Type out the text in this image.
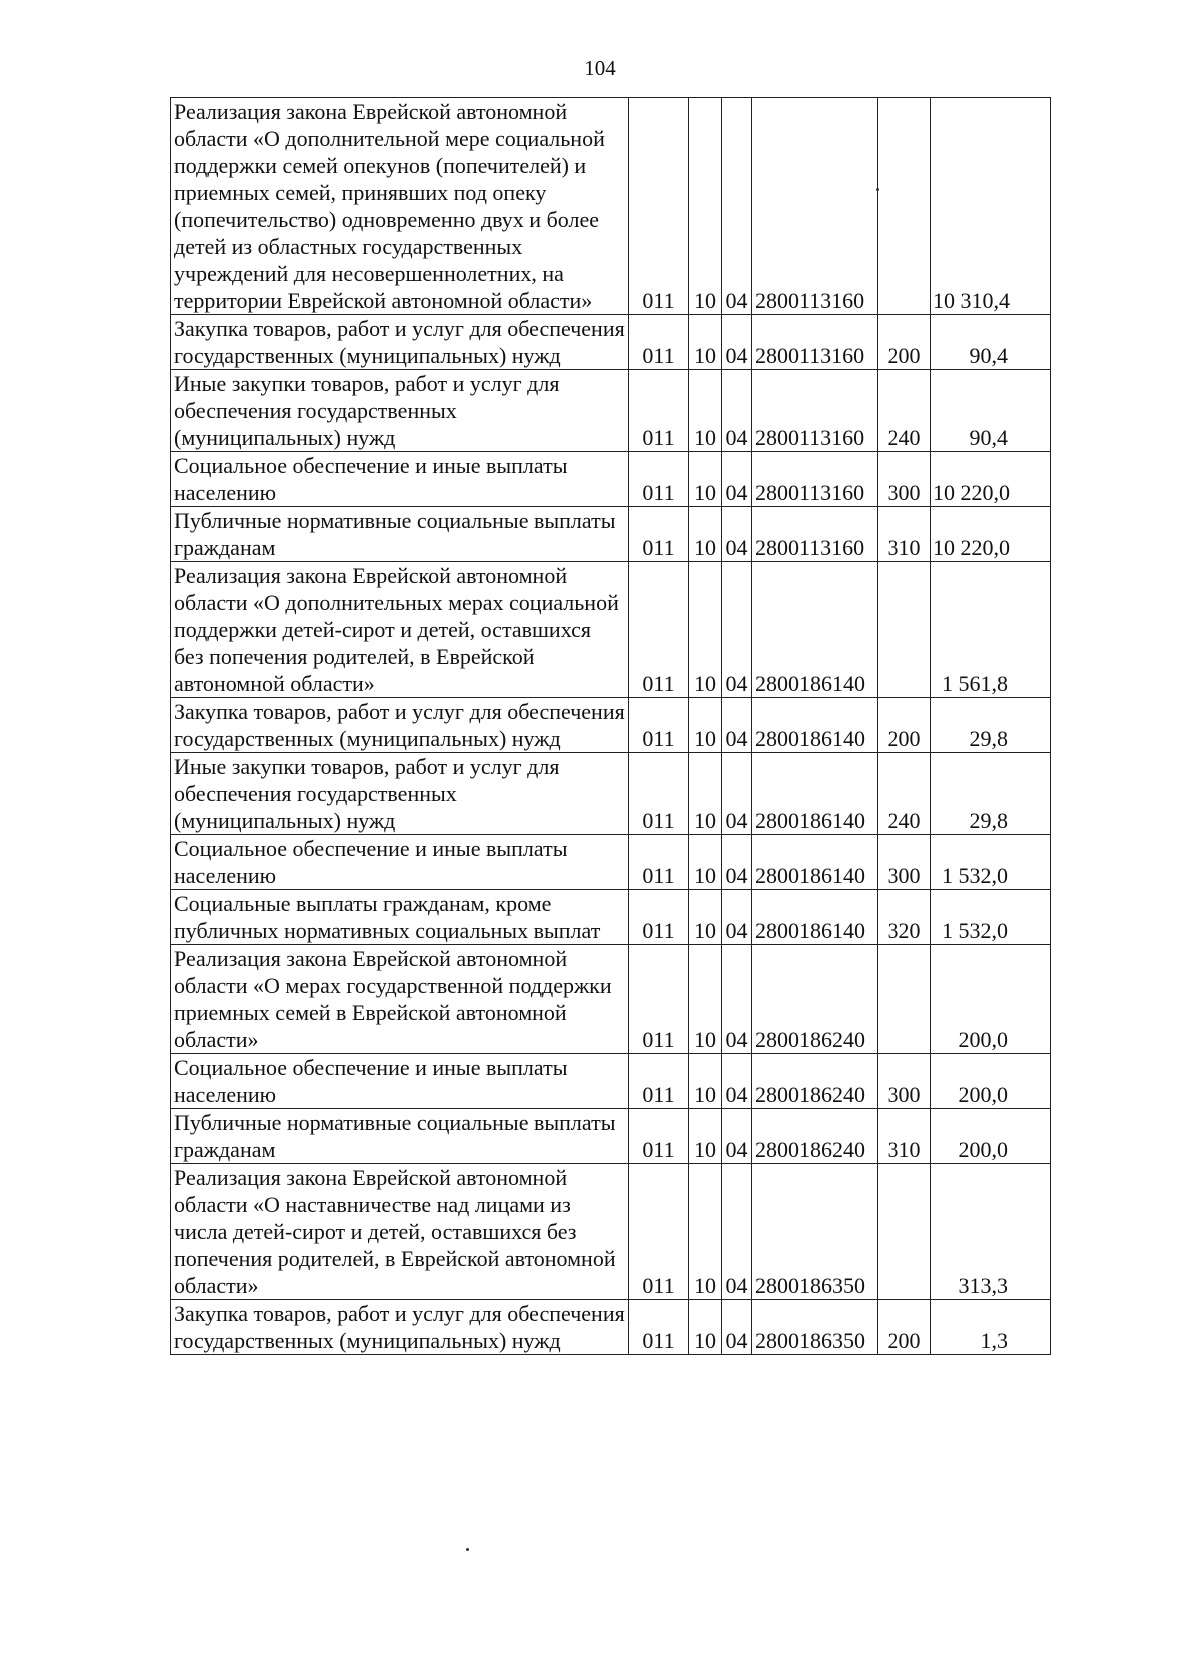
104
Реализация закона Еврейской автономной области «О дополнительной мере социальной поддержки семей опекунов (попечителей) и приемных семей, принявших под опеку (попечительство) одновременно двух и более детей из областных государственных учреждений для несовершеннолетних, на территории Еврейской автономной области»	011	10	04	2800113160		10 310,4
Закупка товаров, работ и услуг для обеспечения государственных (муниципальных) нужд	011	10	04	2800113160	200	90,4
Иные закупки товаров, работ и услуг для обеспечения государственных (муниципальных) нужд	011	10	04	2800113160	240	90,4
Социальное обеспечение и иные выплаты населению	011	10	04	2800113160	300	10 220,0
Публичные нормативные социальные выплаты гражданам	011	10	04	2800113160	310	10 220,0
Реализация закона Еврейской автономной области «О дополнительных мерах социальной поддержки детей-сирот и детей, оставшихся без попечения родителей, в Еврейской автономной области»	011	10	04	2800186140		1 561,8
Закупка товаров, работ и услуг для обеспечения государственных (муниципальных) нужд	011	10	04	2800186140	200	29,8
Иные закупки товаров, работ и услуг для обеспечения государственных (муниципальных) нужд	011	10	04	2800186140	240	29,8
Социальное обеспечение и иные выплаты населению	011	10	04	2800186140	300	1 532,0
Социальные выплаты гражданам, кроме публичных нормативных социальных выплат	011	10	04	2800186140	320	1 532,0
Реализация закона Еврейской автономной области «О мерах государственной поддержки приемных семей в Еврейской автономной области»	011	10	04	2800186240		200,0
Социальное обеспечение и иные выплаты населению	011	10	04	2800186240	300	200,0
Публичные нормативные социальные выплаты гражданам	011	10	04	2800186240	310	200,0
Реализация закона Еврейской автономной области «О наставничестве над лицами из числа детей-сирот и детей, оставшихся без попечения родителей, в Еврейской автономной области»	011	10	04	2800186350		313,3
Закупка товаров, работ и услуг для обеспечения государственных (муниципальных) нужд	011	10	04	2800186350	200	1,3
